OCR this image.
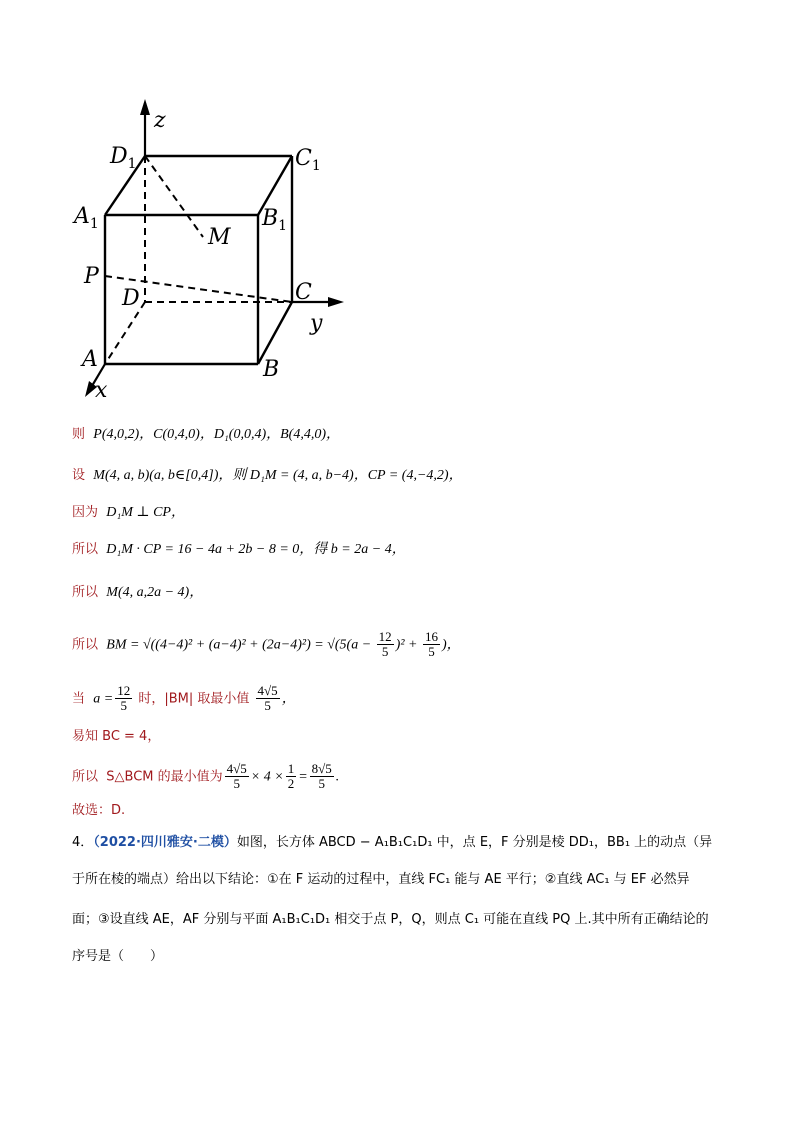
z
y
x
$D_1$	$C_1$
$A_1$	$B_1$
M
P
D	C
A	B
则 P(4,0,2)，C(0,4,0)，D₁(0,0,4)，B(4,4,0)，
设 M(4, a, b)(a, b∈[0,4])，则 D₁M = (4, a, b−4)，CP = (4,−4,2)，
因为 D₁M ⊥ CP，
所以 D₁M · CP = 16 − 4a + 2b − 8 = 0，得 b = 2a − 4，
所以 M(4, a,2a − 4)，
所以 BM = $√((4-4)^2 + (a-4)^2 + (2a-4)^2) = √(5(a - \frac{12}{5} )^2 + \frac{16}{5}$ )，
当 $a = \frac{12}{5}$ 时，|BM| 取最小值 $\frac{4√5}{5}$ ，
易知 BC = 4，
所以 S△BCM 的最小值为 $\frac{4√5}{5} \times 4 \times \frac{1}{2} = \frac{8√5}{5}$ .
故选：D.
4．（2022·四川雅安·二模）如图，长方体 ABCD − A₁B₁C₁D₁ 中，点 E，F 分别是棱 DD₁，BB₁ 上的动点（异
于所在棱的端点）给出以下结论：①在 F 运动的过程中，直线 FC₁ 能与 AE 平行；②直线 AC₁ 与 EF 必然异
面；③设直线 AE，AF 分别与平面 A₁B₁C₁D₁ 相交于点 P，Q，则点 C₁ 可能在直线 PQ 上.其中所有正确结论的
序号是（　　）
